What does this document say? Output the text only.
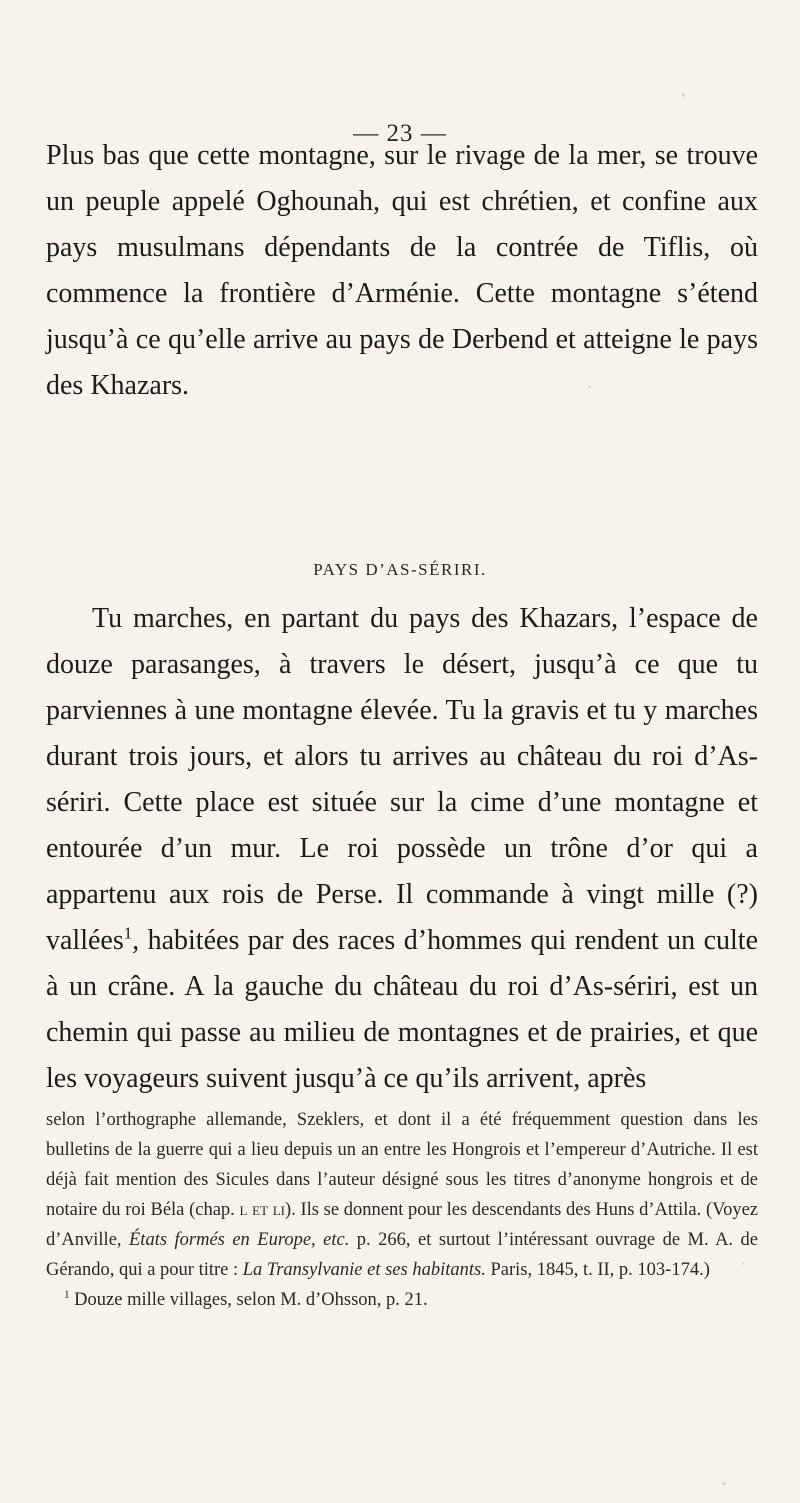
— 23 —

Plus bas que cette montagne, sur le rivage de la mer, se trouve un peuple appelé Oghounah, qui est chrétien, et confine aux pays musulmans dépendants de la contrée de Tiflis, où commence la frontière d’Arménie. Cette montagne s’étend jusqu’à ce qu’elle arrive au pays de Derbend et atteigne le pays des Khazars.

PAYS D’AS-SÉRIRI.

Tu marches, en partant du pays des Khazars, l’espace de douze parasanges, à travers le désert, jusqu’à ce que tu parviennes à une montagne élevée. Tu la gravis et tu y marches durant trois jours, et alors tu arrives au château du roi d’As-sériri. Cette place est située sur la cime d’une montagne et entourée d’un mur. Le roi possède un trône d’or qui a appartenu aux rois de Perse. Il commande à vingt mille (?) vallées$^1$, habitées par des races d’hommes qui rendent un culte à un crâne. A la gauche du château du roi d’As-sériri, est un chemin qui passe au milieu de montagnes et de prairies, et que les voyageurs suivent jusqu’à ce qu’ils arrivent, après

selon l’orthographe allemande, Szeklers, et dont il a été fréquemment question dans les bulletins de la guerre qui a lieu depuis un an entre les Hongrois et l’empereur d’Autriche. Il est déjà fait mention des Sicules dans l’auteur désigné sous les titres d’anonyme hongrois et de notaire du roi Béla (chap. l et li). Ils se donnent pour les descendants des Huns d’Attila. (Voyez d’Anville, États formés en Europe, etc. p. 266, et surtout l’intéressant ouvrage de M. A. de Gérando, qui a pour titre : La Transylvanie et ses habitants. Paris, 1845, t. II, p. 103-174.)

$^1$ Douze mille villages, selon M. d’Ohsson, p. 21.
